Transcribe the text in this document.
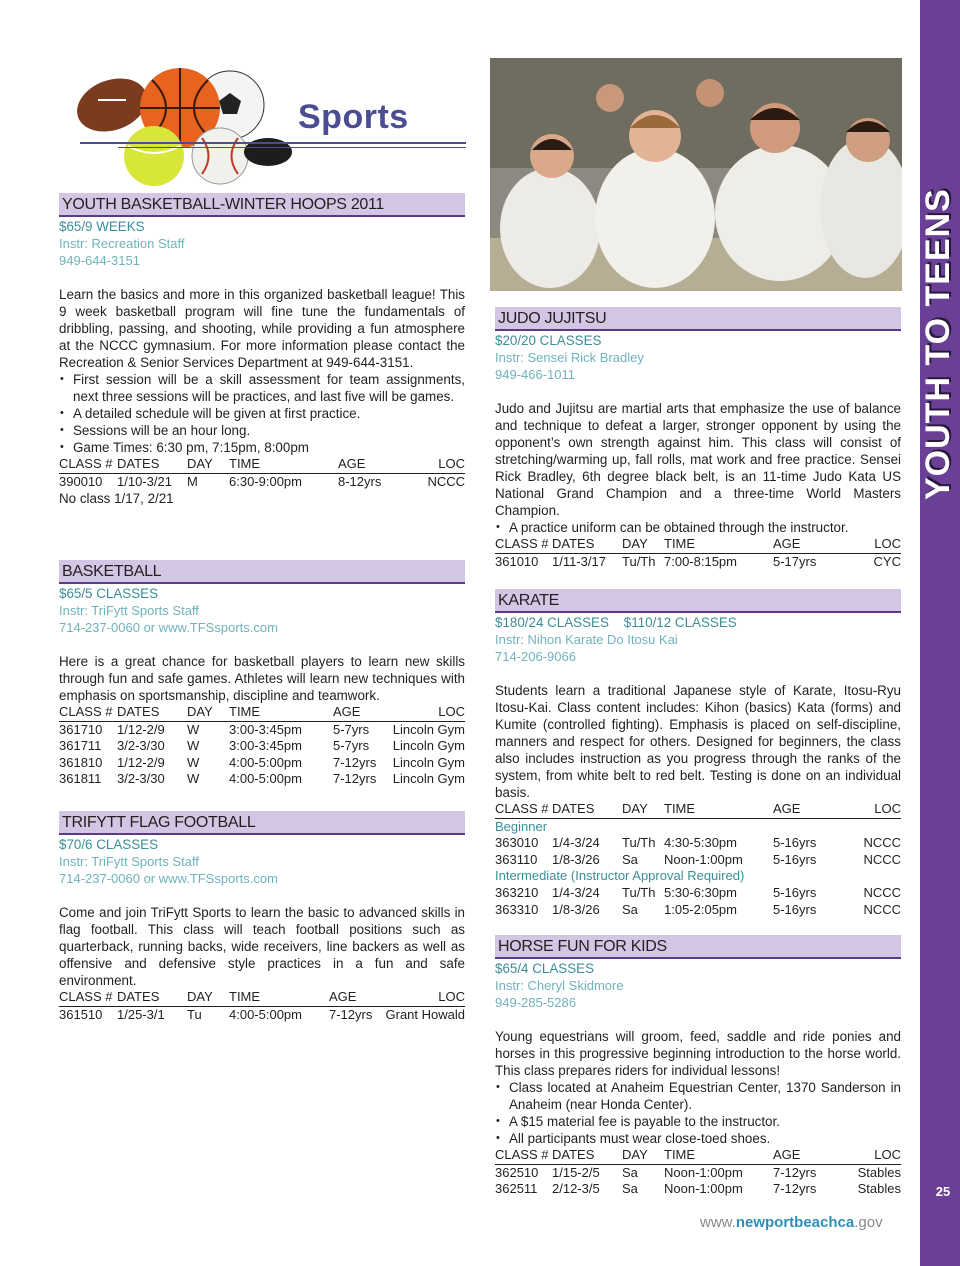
Sports
YOUTH TO TEENS
25
YOUTH BASKETBALL-WINTER HOOPS 2011
$65/9 WEEKS
Instr: Recreation Staff
949-644-3151

Learn the basics and more in this organized basketball league! This 9 week basketball program will fine tune the fundamentals of dribbling, passing, and shooting, while providing a fun atmosphere at the NCCC gymnasium. For more information please contact the Recreation & Senior Services Department at 949-644-3151.

• First session will be a skill assessment for team assignments, next three sessions will be practices, and last five will be games.
• A detailed schedule will be given at first practice.
• Sessions will be an hour long.
• Game Times: 6:30 pm, 7:15pm, 8:00pm
CLASS #	DATES	DAY	TIME	AGE	LOC
390010	1/10-3/21	M	6:30-9:00pm	8-12yrs	NCCC
No class 1/17, 2/21
BASKETBALL
$65/5 CLASSES
Instr: TriFytt Sports Staff
714-237-0060 or www.TFSsports.com

Here is a great chance for basketball players to learn new skills through fun and safe games. Athletes will learn new techniques with emphasis on sportsmanship, discipline and teamwork.

CLASS #	DATES	DAY	TIME	AGE	LOC
361710	1/12-2/9	W	3:00-3:45pm	5-7yrs	Lincoln Gym
361711	3/2-3/30	W	3:00-3:45pm	5-7yrs	Lincoln Gym
361810	1/12-2/9	W	4:00-5:00pm	7-12yrs	Lincoln Gym
361811	3/2-3/30	W	4:00-5:00pm	7-12yrs	Lincoln Gym
TRIFYTT FLAG FOOTBALL
$70/6 CLASSES
Instr: TriFytt Sports Staff
714-237-0060 or www.TFSsports.com

Come and join TriFytt Sports to learn the basic to advanced skills in flag football. This class will teach football positions such as quarterback, running backs, wide receivers, line backers as well as offensive and defensive style practices in a fun and safe environment.

CLASS #	DATES	DAY	TIME	AGE	LOC
361510	1/25-3/1	Tu	4:00-5:00pm	7-12yrs	Grant Howald
JUDO JUJITSU
$20/20 CLASSES
Instr: Sensei Rick Bradley
949-466-1011

Judo and Jujitsu are martial arts that emphasize the use of balance and technique to defeat a larger, stronger opponent by using the opponent’s own strength against him. This class will consist of stretching/warming up, fall rolls, mat work and free practice. Sensei Rick Bradley, 6th degree black belt, is an 11-time Judo Kata US National Grand Champion and a three-time World Masters Champion.

• A practice uniform can be obtained through the instructor.
CLASS #	DATES	DAY	TIME	AGE	LOC
361010	1/11-3/17	Tu/Th	7:00-8:15pm	5-17yrs	CYC
KARATE
$180/24 CLASSES    $110/12 CLASSES
Instr: Nihon Karate Do Itosu Kai
714-206-9066

Students learn a traditional Japanese style of Karate, Itosu-Ryu Itosu-Kai. Class content includes: Kihon (basics) Kata (forms) and Kumite (controlled fighting). Emphasis is placed on self-discipline, manners and respect for others. Designed for beginners, the class also includes instruction as you progress through the ranks of the system, from white belt to red belt. Testing is done on an individual basis.

CLASS #	DATES	DAY	TIME	AGE	LOC
Beginner					
363010	1/4-3/24	Tu/Th	4:30-5:30pm	5-16yrs	NCCC
363110	1/8-3/26	Sa	Noon-1:00pm	5-16yrs	NCCC
Intermediate (Instructor Approval Required)					
363210	1/4-3/24	Tu/Th	5:30-6:30pm	5-16yrs	NCCC
363310	1/8-3/26	Sa	1:05-2:05pm	5-16yrs	NCCC
HORSE FUN FOR KIDS
$65/4 CLASSES
Instr: Cheryl Skidmore
949-285-5286

Young equestrians will groom, feed, saddle and ride ponies and horses in this progressive beginning introduction to the horse world. This class prepares riders for individual lessons!

• Class located at Anaheim Equestrian Center, 1370 Sanderson in Anaheim (near Honda Center).
• A $15 material fee is payable to the instructor.
• All participants must wear close-toed shoes.
CLASS #	DATES	DAY	TIME	AGE	LOC
362510	1/15-2/5	Sa	Noon-1:00pm	7-12yrs	Stables
362511	2/12-3/5	Sa	Noon-1:00pm	7-12yrs	Stables
www.newportbeachca.gov
